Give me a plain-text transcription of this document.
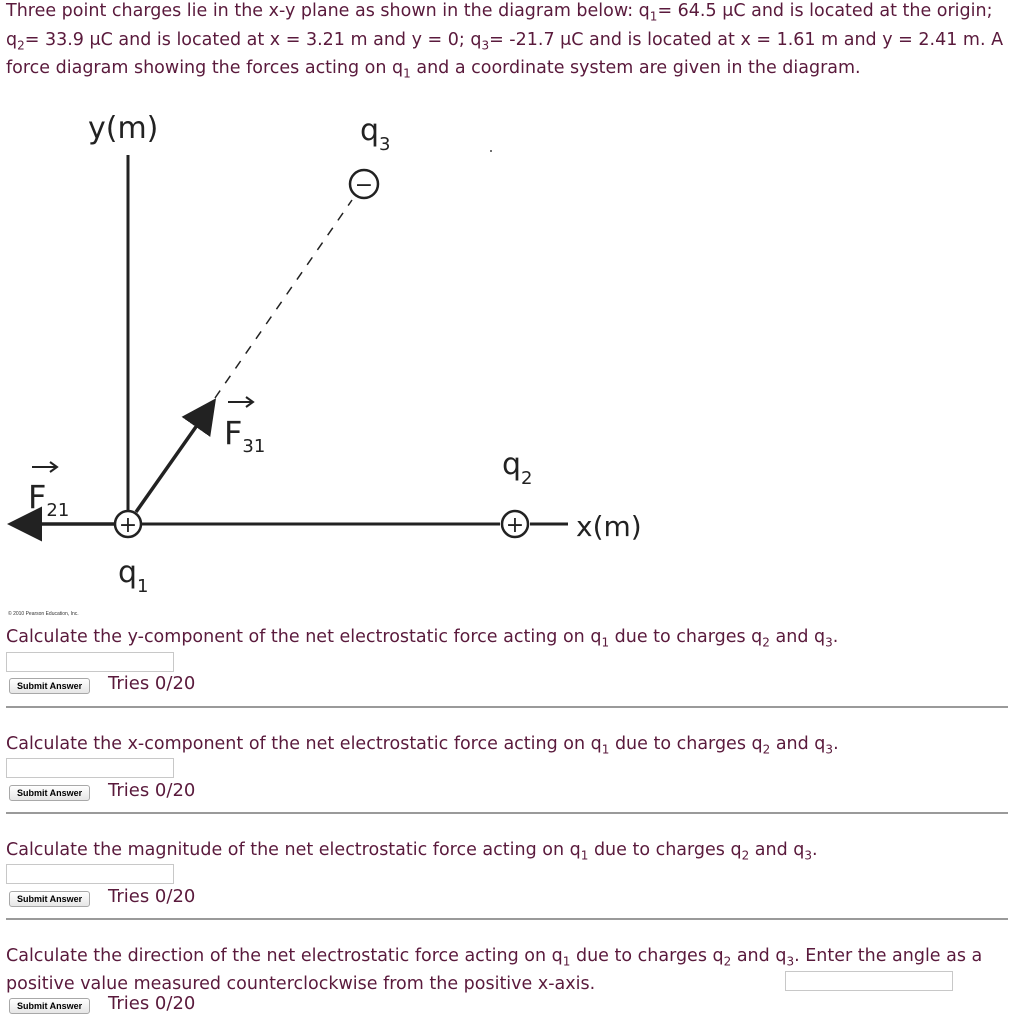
Three point charges lie in the x-y plane as shown in the diagram below: $q_1= 64.5$ μC and is located at the origin; $q_2= 33.9$ μC and is located at x = 3.21 m and y = 0; $q_3= -21.7$ μC and is located at x = 1.61 m and y = 2.41 m. A force diagram showing the forces acting on $q_1$ and a coordinate system are given in the diagram.
+	+
−
y(m)
x(m)
$q_3$
$q_2$
$q_1$
$F_{31}$
$F_{21}$
© 2010 Pearson Education, Inc.
Calculate the y-component of the net electrostatic force acting on $q_1$ due to charges $q_2$ and $q_3$.
Submit Answer	Tries 0/20
Calculate the x-component of the net electrostatic force acting on $q_1$ due to charges $q_2$ and $q_3$.
Submit Answer	Tries 0/20
Calculate the magnitude of the net electrostatic force acting on $q_1$ due to charges $q_2$ and $q_3$.
Submit Answer	Tries 0/20
Calculate the direction of the net electrostatic force acting on $q_1$ due to charges $q_2$ and $q_3$. Enter the angle as a positive value measured counterclockwise from the positive x-axis.
Submit Answer	Tries 0/20
